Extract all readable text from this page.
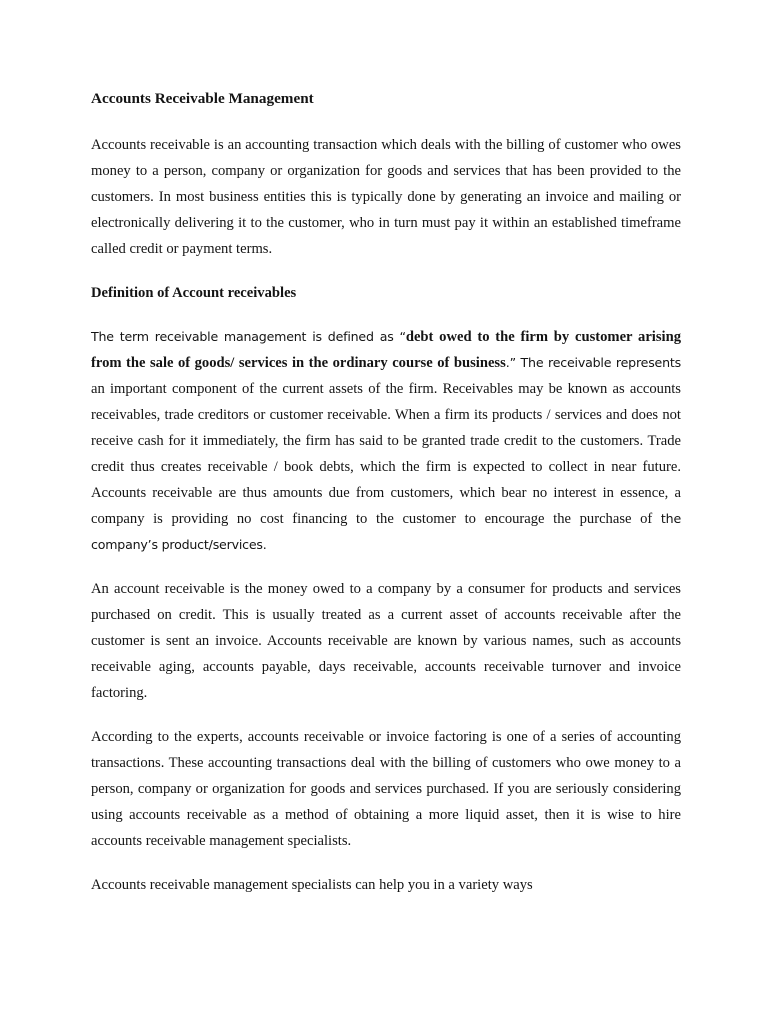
Accounts Receivable Management

Accounts receivable is an accounting transaction which deals with the billing of customer who owes money to a person, company or organization for goods and services that has been provided to the customers. In most business entities this is typically done by generating an invoice and mailing or electronically delivering it to the customer, who in turn must pay it within an established timeframe called credit or payment terms.

Definition of Account receivables

The term receivable management is defined as “debt owed to the firm by customer arising from the sale of goods/ services in the ordinary course of business.” The receivable represents an important component of the current assets of the firm. Receivables may be known as accounts receivables, trade creditors or customer receivable. When a firm its products / services and does not receive cash for it immediately, the firm has said to be granted trade credit to the customers. Trade credit thus creates receivable / book debts, which the firm is expected to collect in near future. Accounts receivable are thus amounts due from customers, which bear no interest in essence, a company is providing no cost financing to the customer to encourage the purchase of the company’s product/services.

An account receivable is the money owed to a company by a consumer for products and services purchased on credit. This is usually treated as a current asset of accounts receivable after the customer is sent an invoice. Accounts receivable are known by various names, such as accounts receivable aging, accounts payable, days receivable, accounts receivable turnover and invoice factoring.

According to the experts, accounts receivable or invoice factoring is one of a series of accounting transactions. These accounting transactions deal with the billing of customers who owe money to a person, company or organization for goods and services purchased. If you are seriously considering using accounts receivable as a method of obtaining a more liquid asset, then it is wise to hire accounts receivable management specialists.

Accounts receivable management specialists can help you in a variety ways
